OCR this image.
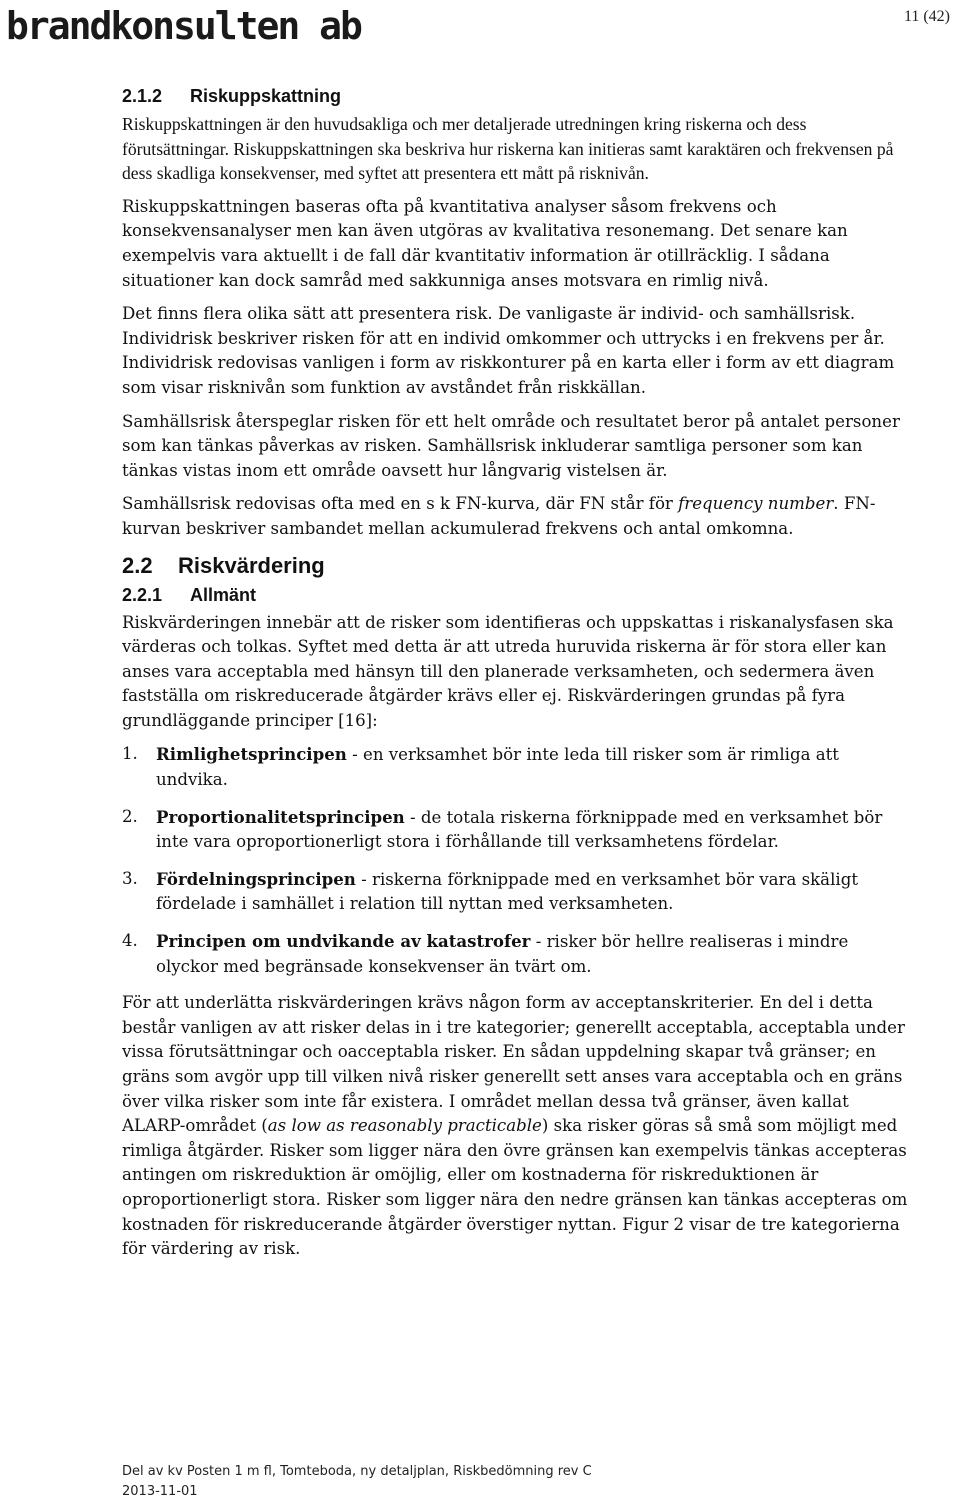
brandkonsulten ab	11 (42)
2.1.2 Riskuppskattning

Riskuppskattningen är den huvudsakliga och mer detaljerade utredningen kring riskerna och dess förutsättningar. Riskuppskattningen ska beskriva hur riskerna kan initieras samt karaktären och frekvensen på dess skadliga konsekvenser, med syftet att presentera ett mått på risknivån.

Riskuppskattningen baseras ofta på kvantitativa analyser såsom frekvens och konsekvensanalyser men kan även utgöras av kvalitativa resonemang. Det senare kan exempelvis vara aktuellt i de fall där kvantitativ information är otillräcklig. I sådana situationer kan dock samråd med sakkunniga anses motsvara en rimlig nivå.

Det finns flera olika sätt att presentera risk. De vanligaste är individ- och samhällsrisk. Individrisk beskriver risken för att en individ omkommer och uttrycks i en frekvens per år. Individrisk redovisas vanligen i form av riskkonturer på en karta eller i form av ett diagram som visar risknivån som funktion av avståndet från riskkällan.

Samhällsrisk återspeglar risken för ett helt område och resultatet beror på antalet personer som kan tänkas påverkas av risken. Samhällsrisk inkluderar samtliga personer som kan tänkas vistas inom ett område oavsett hur långvarig vistelsen är.

Samhällsrisk redovisas ofta med en s k FN-kurva, där FN står för frequency number. FN-kurvan beskriver sambandet mellan ackumulerad frekvens och antal omkomna.

2.2 Riskvärdering
2.2.1 Allmänt

Riskvärderingen innebär att de risker som identifieras och uppskattas i riskanalysfasen ska värderas och tolkas. Syftet med detta är att utreda huruvida riskerna är för stora eller kan anses vara acceptabla med hänsyn till den planerade verksamheten, och sedermera även fastställa om riskreducerade åtgärder krävs eller ej. Riskvärderingen grundas på fyra grundläggande principer [16]:

1. Rimlighetsprincipen - en verksamhet bör inte leda till risker som är rimliga att undvika.
2. Proportionalitetsprincipen - de totala riskerna förknippade med en verksamhet bör inte vara oproportionerligt stora i förhållande till verksamhetens fördelar.
3. Fördelningsprincipen - riskerna förknippade med en verksamhet bör vara skäligt fördelade i samhället i relation till nyttan med verksamheten.
4. Principen om undvikande av katastrofer - risker bör hellre realiseras i mindre olyckor med begränsade konsekvenser än tvärt om.

För att underlätta riskvärderingen krävs någon form av acceptanskriterier. En del i detta består vanligen av att risker delas in i tre kategorier; generellt acceptabla, acceptabla under vissa förutsättningar och oacceptabla risker. En sådan uppdelning skapar två gränser; en gräns som avgör upp till vilken nivå risker generellt sett anses vara acceptabla och en gräns över vilka risker som inte får existera. I området mellan dessa två gränser, även kallat ALARP-området (as low as reasonably practicable) ska risker göras så små som möjligt med rimliga åtgärder. Risker som ligger nära den övre gränsen kan exempelvis tänkas accepteras antingen om riskreduktion är omöjlig, eller om kostnaderna för riskreduktionen är oproportionerligt stora. Risker som ligger nära den nedre gränsen kan tänkas accepteras om kostnaden för riskreducerande åtgärder överstiger nyttan. Figur 2 visar de tre kategorierna för värdering av risk.

Del av kv Posten 1 m fl, Tomteboda, ny detaljplan, Riskbedömning rev C
2013-11-01
